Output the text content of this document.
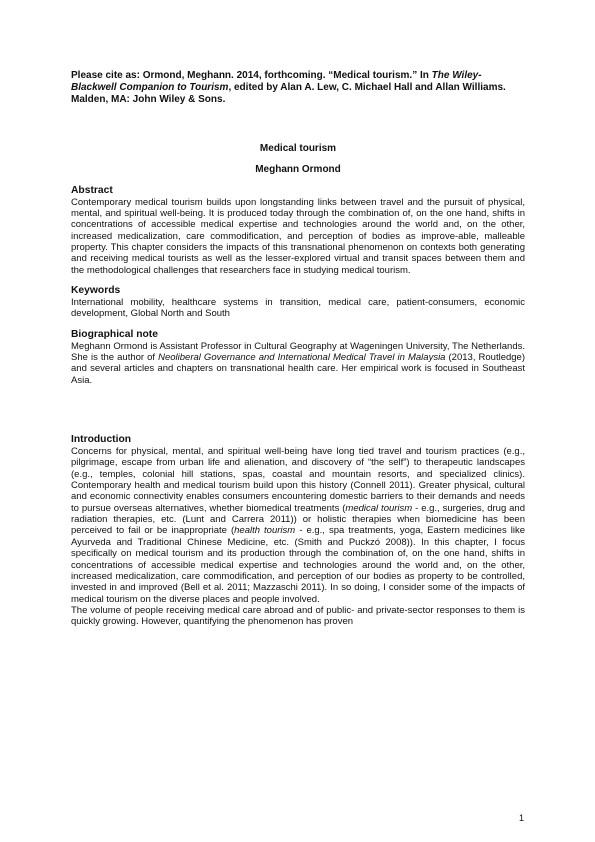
Please cite as: Ormond, Meghann. 2014, forthcoming. “Medical tourism.” In The Wiley-Blackwell Companion to Tourism, edited by Alan A. Lew, C. Michael Hall and Allan Williams. Malden, MA: John Wiley & Sons.

Medical tourism

Meghann Ormond

Abstract

Contemporary medical tourism builds upon longstanding links between travel and the pursuit of physical, mental, and spiritual well-being. It is produced today through the combination of, on the one hand, shifts in concentrations of accessible medical expertise and technologies around the world and, on the other, increased medicalization, care commodification, and perception of bodies as improve-able, malleable property. This chapter considers the impacts of this transnational phenomenon on contexts both generating and receiving medical tourists as well as the lesser-explored virtual and transit spaces between them and the methodological challenges that researchers face in studying medical tourism.

Keywords

International mobility, healthcare systems in transition, medical care, patient-consumers, economic development, Global North and South

Biographical note

Meghann Ormond is Assistant Professor in Cultural Geography at Wageningen University, The Netherlands. She is the author of Neoliberal Governance and International Medical Travel in Malaysia (2013, Routledge) and several articles and chapters on transnational health care. Her empirical work is focused in Southeast Asia.

Introduction

Concerns for physical, mental, and spiritual well-being have long tied travel and tourism practices (e.g., pilgrimage, escape from urban life and alienation, and discovery of “the self”) to therapeutic landscapes (e.g., temples, colonial hill stations, spas, coastal and mountain resorts, and specialized clinics). Contemporary health and medical tourism build upon this history (Connell 2011). Greater physical, cultural and economic connectivity enables consumers encountering domestic barriers to their demands and needs to pursue overseas alternatives, whether biomedical treatments (medical tourism - e.g., surgeries, drug and radiation therapies, etc. (Lunt and Carrera 2011)) or holistic therapies when biomedicine has been perceived to fail or be inappropriate (health tourism - e.g., spa treatments, yoga, Eastern medicines like Ayurveda and Traditional Chinese Medicine, etc. (Smith and Puckzó 2008)). In this chapter, I focus specifically on medical tourism and its production through the combination of, on the one hand, shifts in concentrations of accessible medical expertise and technologies around the world and, on the other, increased medicalization, care commodification, and perception of our bodies as property to be controlled, invested in and improved (Bell et al. 2011; Mazzaschi 2011). In so doing, I consider some of the impacts of medical tourism on the diverse places and people involved.

The volume of people receiving medical care abroad and of public- and private-sector responses to them is quickly growing. However, quantifying the phenomenon has proven

1
